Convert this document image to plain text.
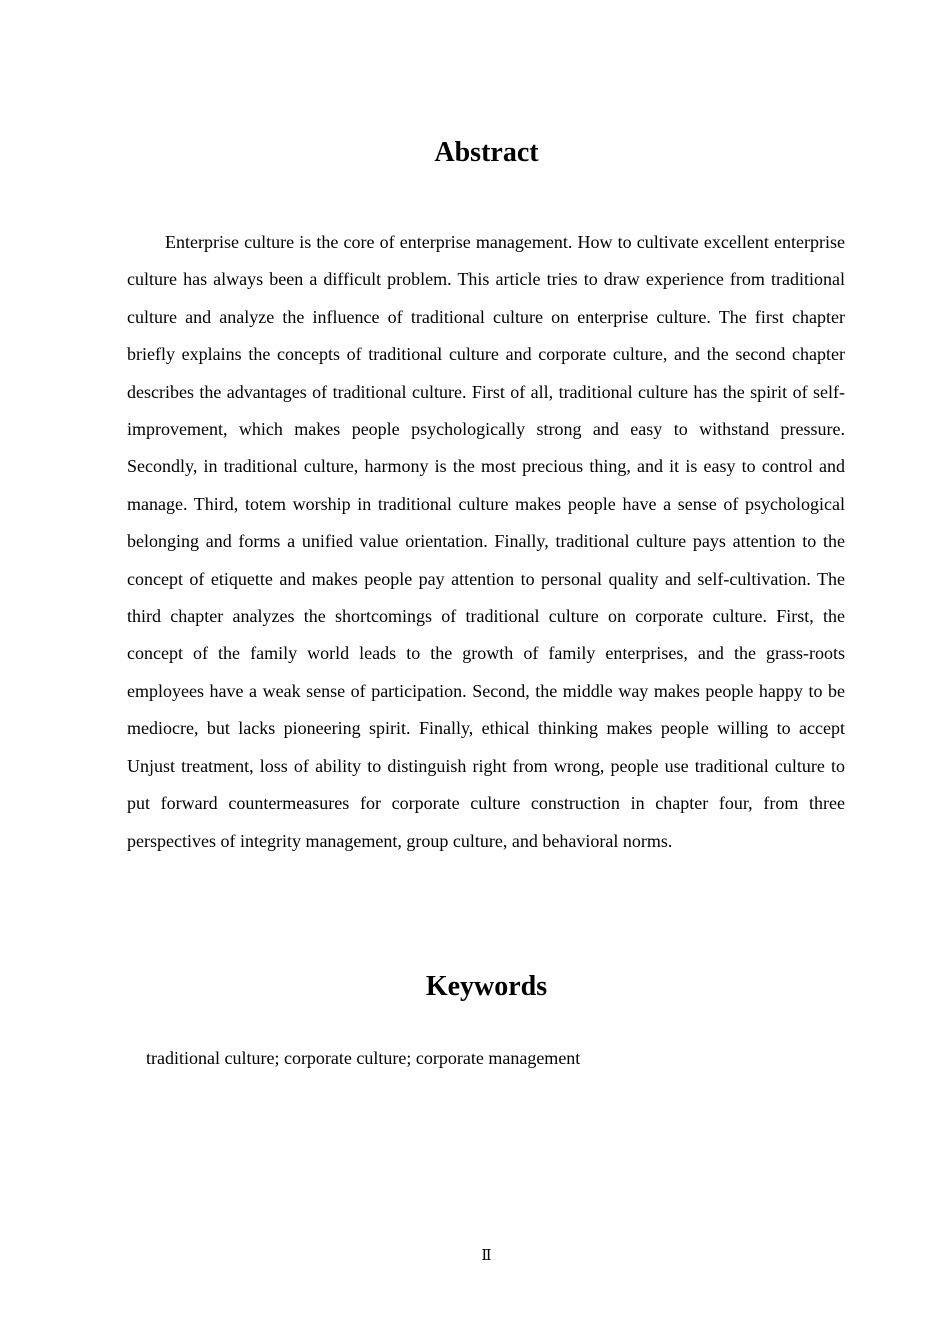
Abstract

Enterprise culture is the core of enterprise management. How to cultivate excellent enterprise culture has always been a difficult problem. This article tries to draw experience from traditional culture and analyze the influence of traditional culture on enterprise culture. The first chapter briefly explains the concepts of traditional culture and corporate culture, and the second chapter describes the advantages of traditional culture. First of all, traditional culture has the spirit of self-improvement, which makes people psychologically strong and easy to withstand pressure. Secondly, in traditional culture, harmony is the most precious thing, and it is easy to control and manage. Third, totem worship in traditional culture makes people have a sense of psychological belonging and forms a unified value orientation. Finally, traditional culture pays attention to the concept of etiquette and makes people pay attention to personal quality and self-cultivation. The third chapter analyzes the shortcomings of traditional culture on corporate culture. First, the concept of the family world leads to the growth of family enterprises, and the grass-roots employees have a weak sense of participation. Second, the middle way makes people happy to be mediocre, but lacks pioneering spirit. Finally, ethical thinking makes people willing to accept Unjust treatment, loss of ability to distinguish right from wrong, people use traditional culture to put forward countermeasures for corporate culture construction in chapter four, from three perspectives of integrity management, group culture, and behavioral norms.

Keywords

traditional culture; corporate culture; corporate management

Ⅱ
